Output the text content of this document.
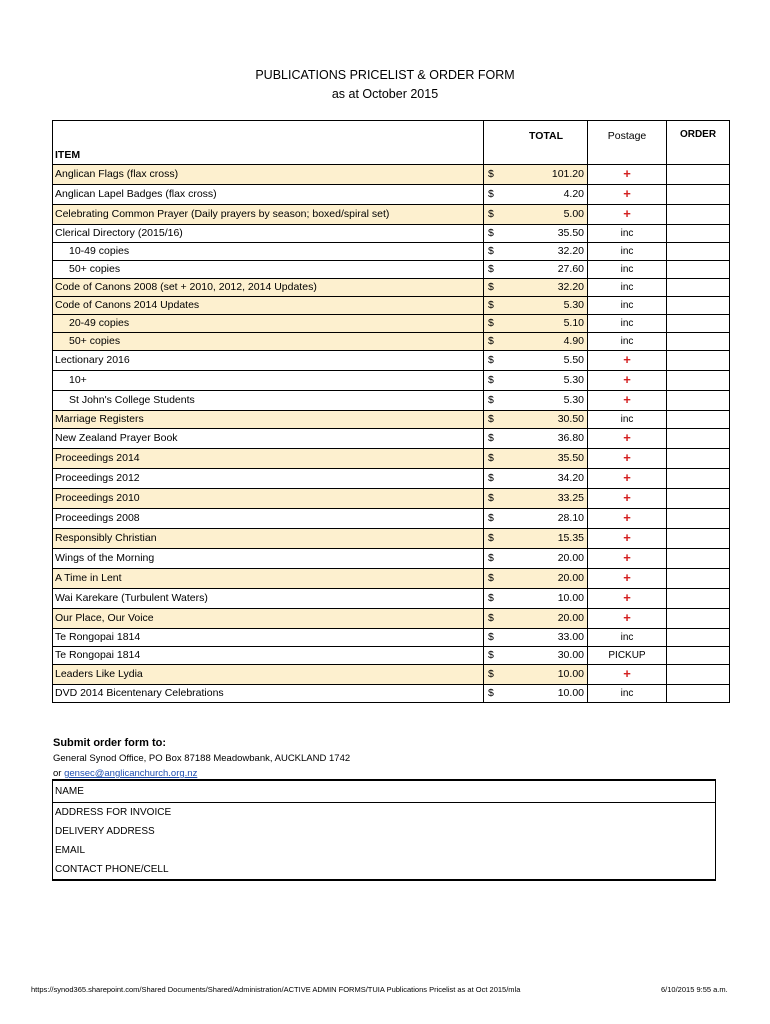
PUBLICATIONS PRICELIST & ORDER FORM
as at October 2015
ITEM		TOTAL	Postage	ORDER
Anglican Flags (flax cross)	$	101.20	+	
Anglican Lapel Badges (flax cross)	$	4.20	+	
Celebrating Common Prayer (Daily prayers by season; boxed/spiral set)	$	5.00	+	
Clerical Directory (2015/16)	$	35.50	inc	
10-49 copies	$	32.20	inc	
50+ copies	$	27.60	inc	
Code of Canons 2008 (set + 2010, 2012, 2014 Updates)	$	32.20	inc	
Code of Canons 2014 Updates	$	5.30	inc	
20-49 copies	$	5.10	inc	
50+ copies	$	4.90	inc	
Lectionary 2016	$	5.50	+	
10+	$	5.30	+	
St John's College Students	$	5.30	+	
Marriage Registers	$	30.50	inc	
New Zealand Prayer Book	$	36.80	+	
Proceedings 2014	$	35.50	+	
Proceedings 2012	$	34.20	+	
Proceedings 2010	$	33.25	+	
Proceedings 2008	$	28.10	+	
Responsibly Christian	$	15.35	+	
Wings of the Morning	$	20.00	+	
A Time in Lent	$	20.00	+	
Wai Karekare (Turbulent Waters)	$	10.00	+	
Our Place, Our Voice	$	20.00	+	
Te Rongopai 1814	$	33.00	inc	
Te Rongopai 1814	$	30.00	PICKUP	
Leaders Like Lydia	$	10.00	+	
DVD 2014 Bicentenary Celebrations	$	10.00	inc	
Submit order form to:
General Synod Office, PO Box 87188 Meadowbank, AUCKLAND 1742
or gensec@anglicanchurch.org.nz
NAME
ADDRESS FOR INVOICE
DELIVERY ADDRESS
EMAIL
CONTACT PHONE/CELL
https://synod365.sharepoint.com/Shared Documents/Shared/Administration/ACTIVE ADMIN FORMS/TUIA Publications Pricelist as at Oct 2015/mla	6/10/2015 9:55 a.m.
